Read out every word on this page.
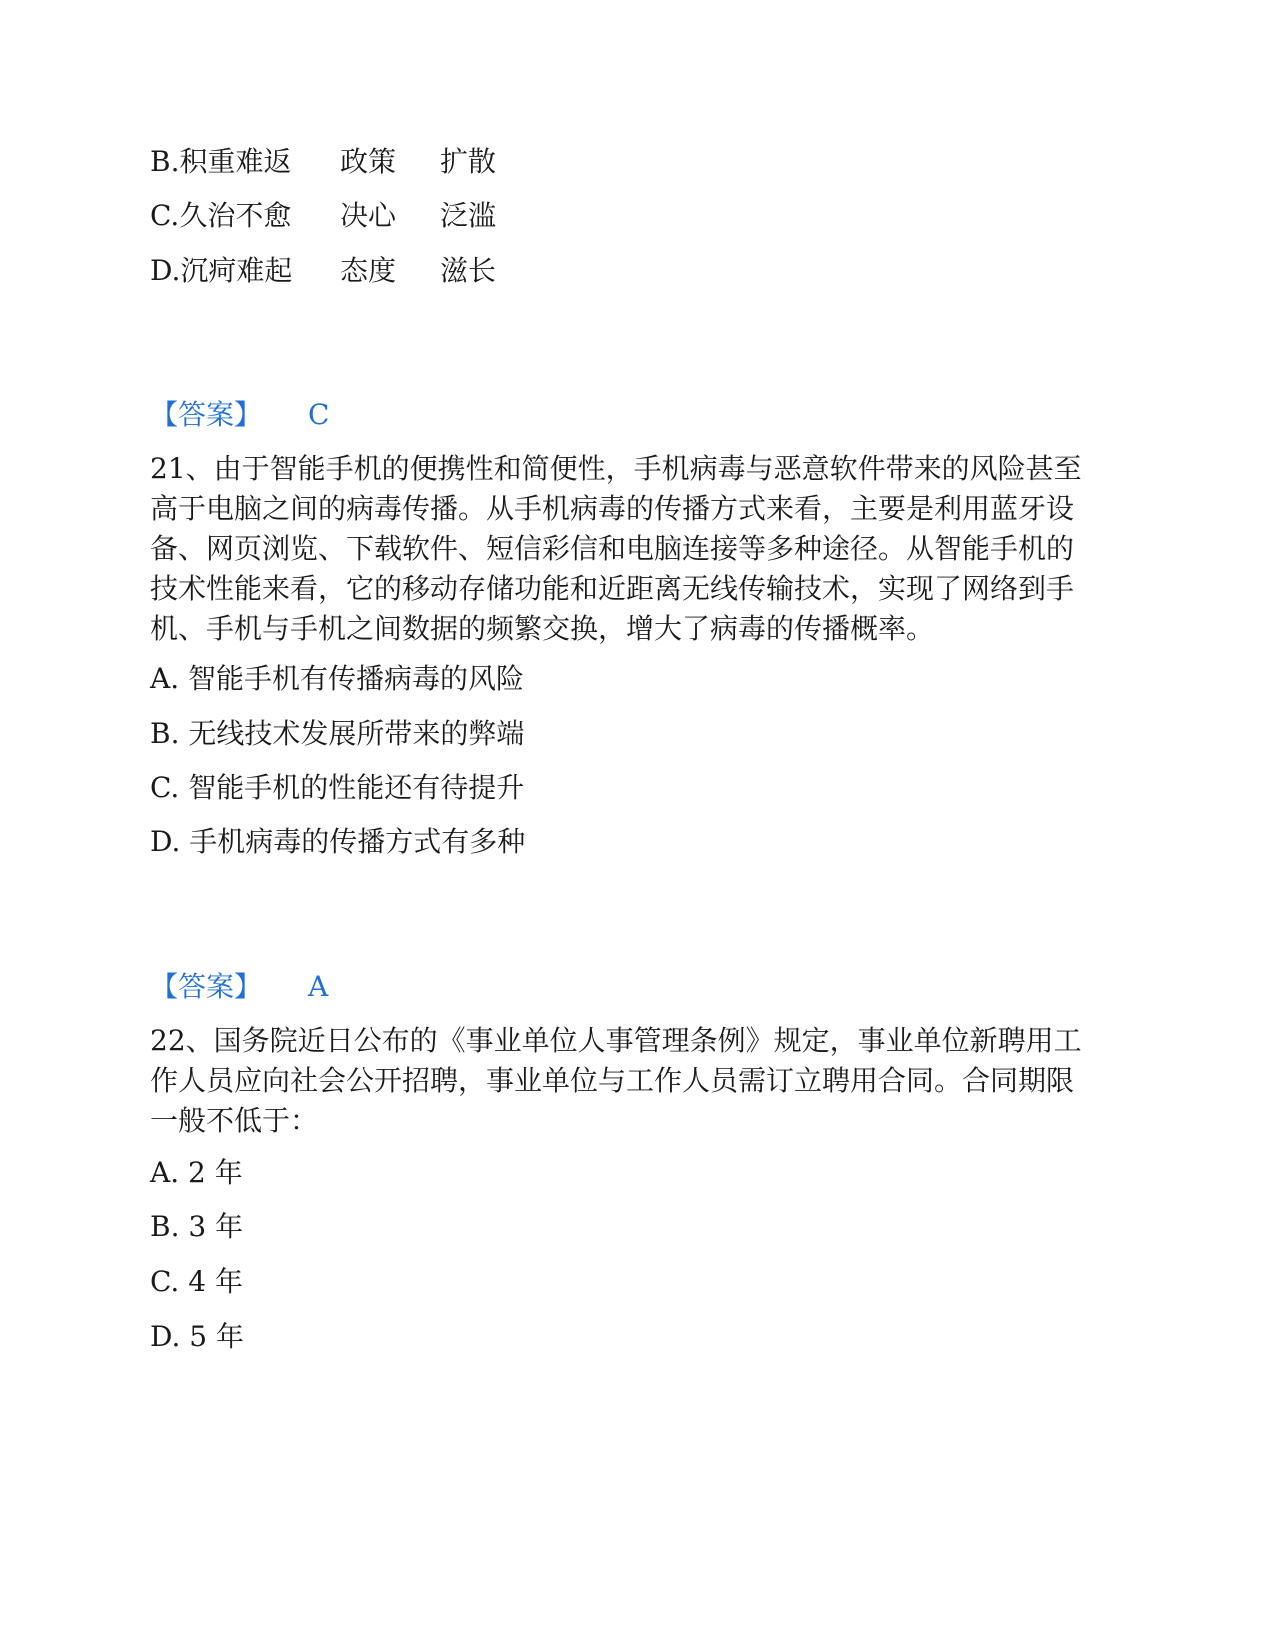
B.积重难返 政策 扩散
C.久治不愈 决心 泛滥
D.沉疴难起 态度 滋长
【答案】 C
21、由于智能手机的便携性和简便性，手机病毒与恶意软件带来的风险甚至
高于电脑之间的病毒传播。从手机病毒的传播方式来看，主要是利用蓝牙设
备、网页浏览、下载软件、短信彩信和电脑连接等多种途径。从智能手机的
技术性能来看，它的移动存储功能和近距离无线传输技术，实现了网络到手
机、手机与手机之间数据的频繁交换，增大了病毒的传播概率。
A. 智能手机有传播病毒的风险
B. 无线技术发展所带来的弊端
C. 智能手机的性能还有待提升
D. 手机病毒的传播方式有多种
【答案】 A
22、国务院近日公布的《事业单位人事管理条例》规定，事业单位新聘用工
作人员应向社会公开招聘，事业单位与工作人员需订立聘用合同。合同期限
一般不低于：
A. 2 年
B. 3 年
C. 4 年
D. 5 年
